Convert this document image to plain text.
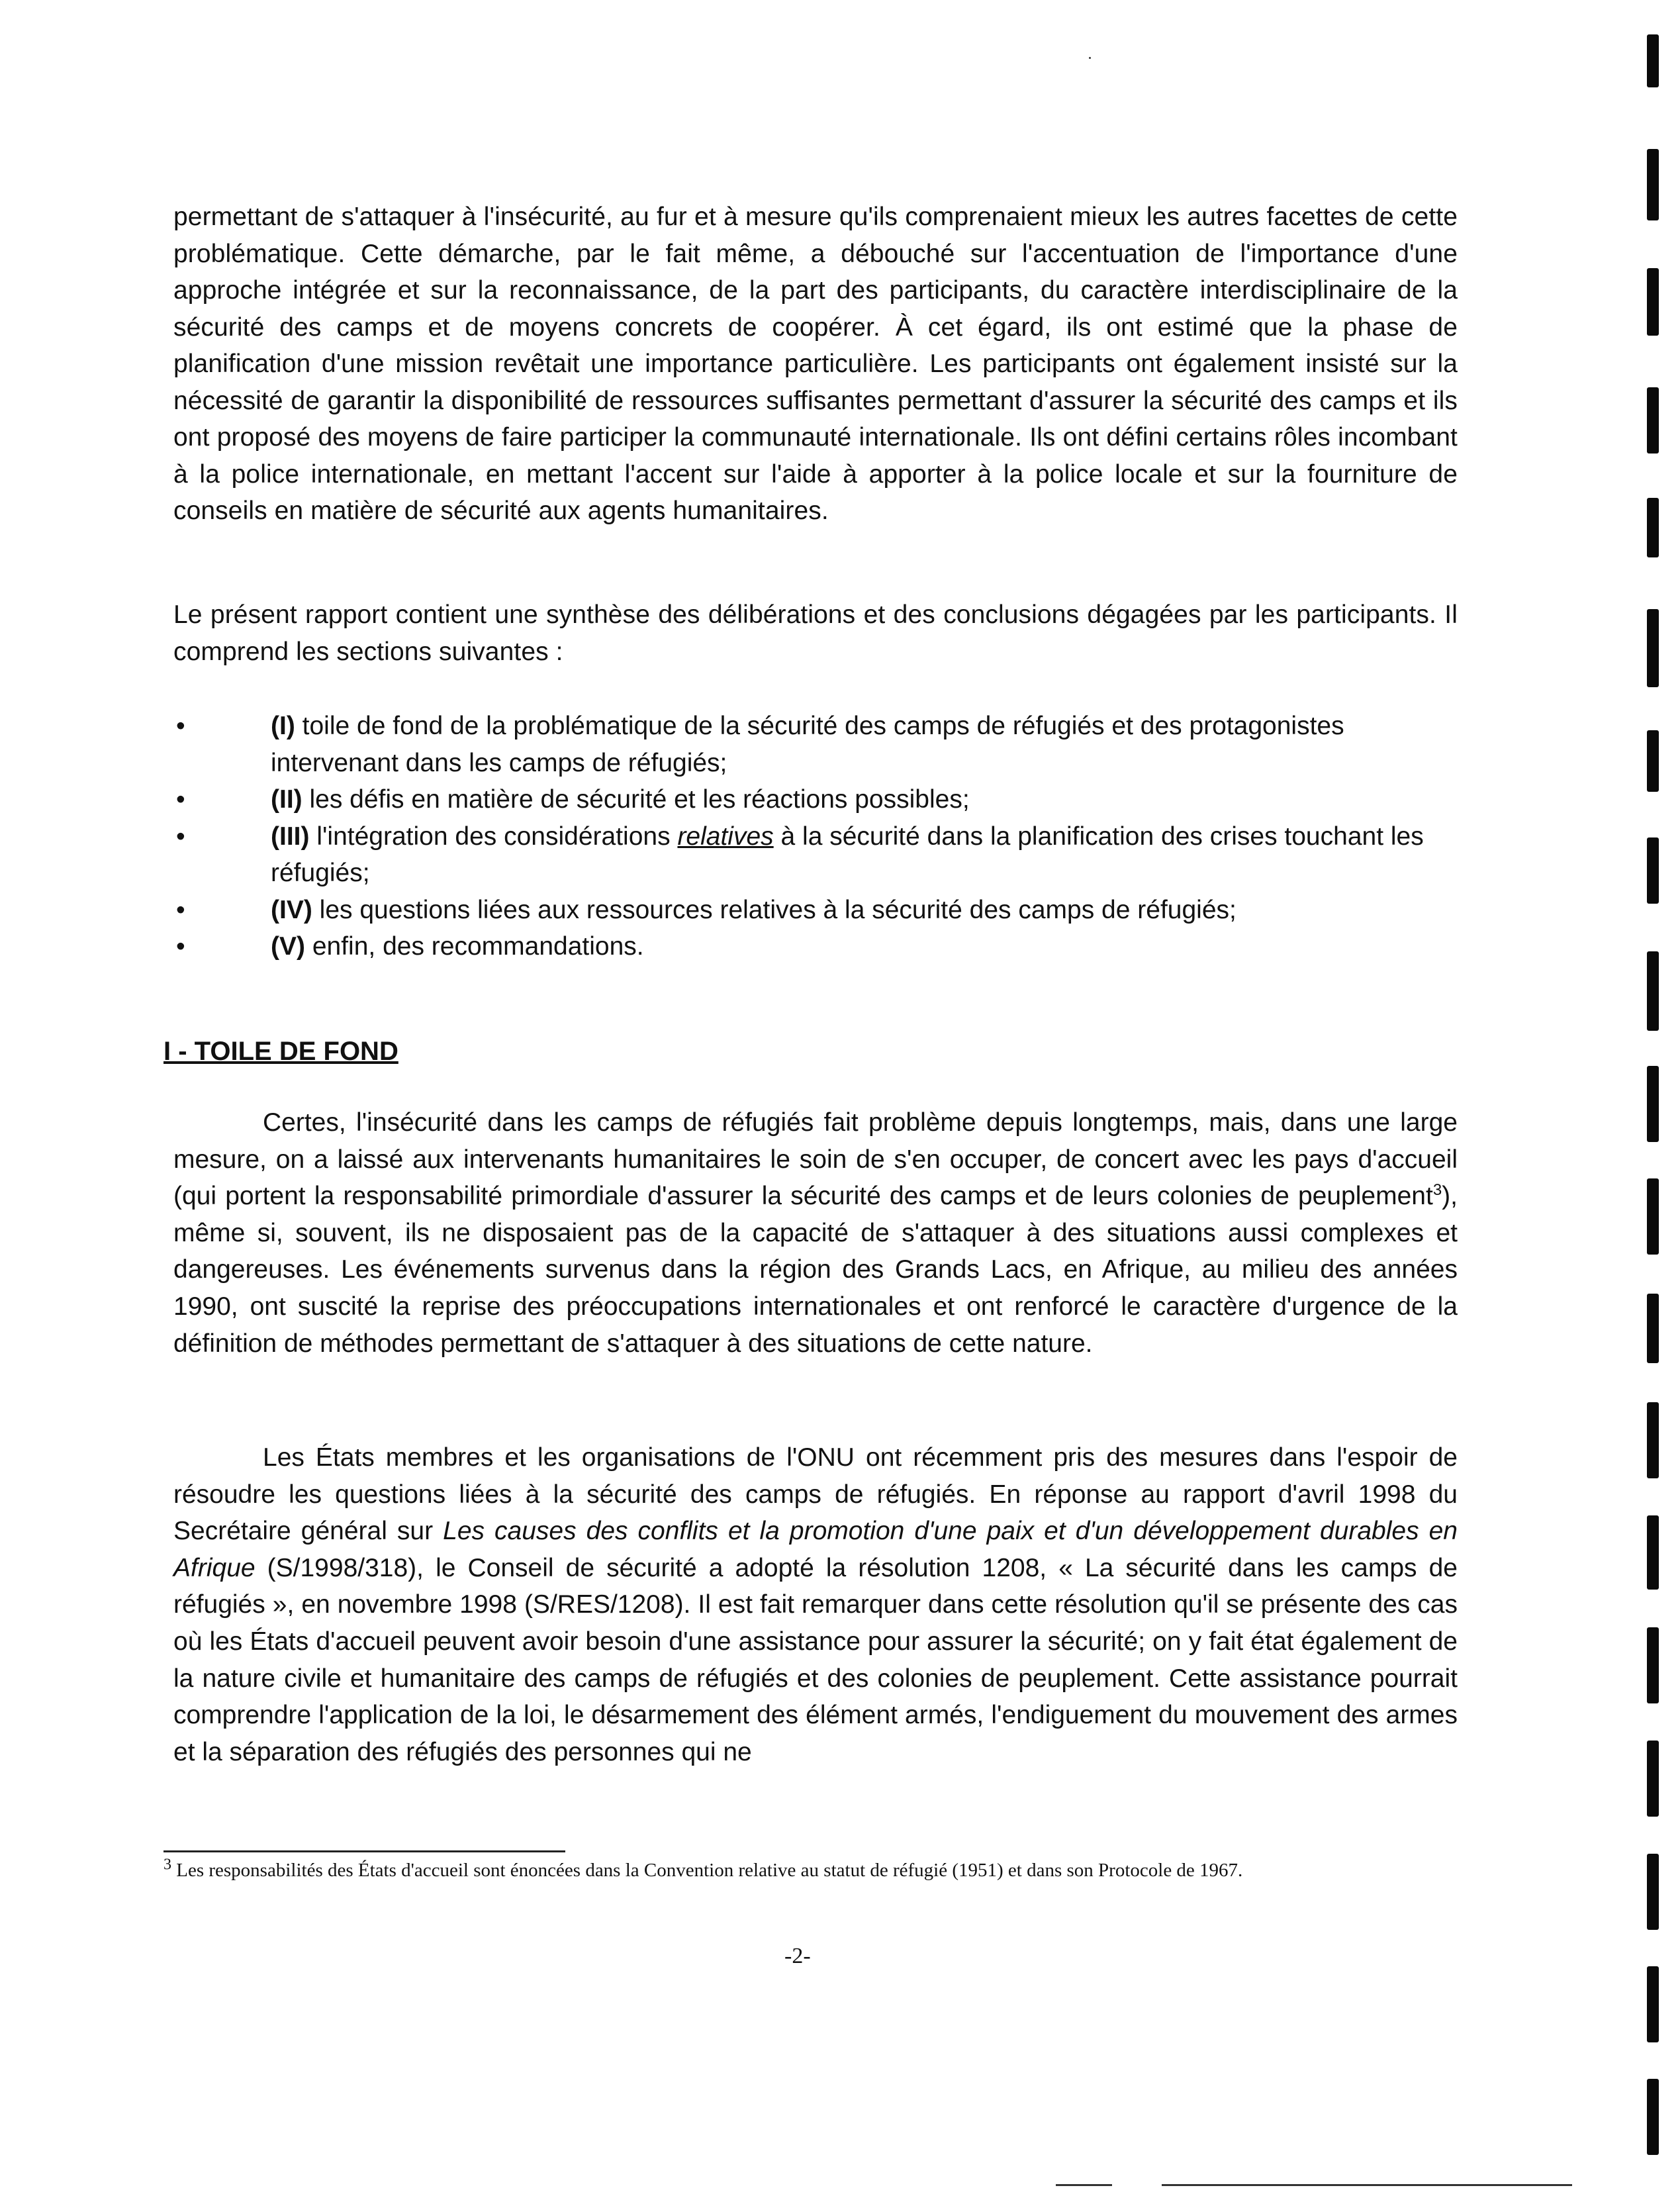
permettant de s'attaquer à l'insécurité, au fur et à mesure qu'ils comprenaient mieux les autres facettes de cette problématique. Cette démarche, par le fait même, a débouché sur l'accentuation de l'importance d'une approche intégrée et sur la reconnaissance, de la part des participants, du caractère interdisciplinaire de la sécurité des camps et de moyens concrets de coopérer. À cet égard, ils ont estimé que la phase de planification d'une mission revêtait une importance particulière. Les participants ont également insisté sur la nécessité de garantir la disponibilité de ressources suffisantes permettant d'assurer la sécurité des camps et ils ont proposé des moyens de faire participer la communauté internationale. Ils ont défini certains rôles incombant à la police internationale, en mettant l'accent sur l'aide à apporter à la police locale et sur la fourniture de conseils en matière de sécurité aux agents humanitaires.

Le présent rapport contient une synthèse des délibérations et des conclusions dégagées par les participants. Il comprend les sections suivantes :

•	(I) toile de fond de la problématique de la sécurité des camps de réfugiés et des protagonistes intervenant dans les camps de réfugiés;
•	(II) les défis en matière de sécurité et les réactions possibles;
•	(III) l'intégration des considérations relatives à la sécurité dans la planification des crises touchant les réfugiés;
•	(IV) les questions liées aux ressources relatives à la sécurité des camps de réfugiés;
•	(V) enfin, des recommandations.
I - TOILE DE FOND

Certes, l'insécurité dans les camps de réfugiés fait problème depuis longtemps, mais, dans une large mesure, on a laissé aux intervenants humanitaires le soin de s'en occuper, de concert avec les pays d'accueil (qui portent la responsabilité primordiale d'assurer la sécurité des camps et de leurs colonies de peuplement$^3$), même si, souvent, ils ne disposaient pas de la capacité de s'attaquer à des situations aussi complexes et dangereuses. Les événements survenus dans la région des Grands Lacs, en Afrique, au milieu des années 1990, ont suscité la reprise des préoccupations internationales et ont renforcé le caractère d'urgence de la définition de méthodes permettant de s'attaquer à des situations de cette nature.

Les États membres et les organisations de l'ONU ont récemment pris des mesures dans l'espoir de résoudre les questions liées à la sécurité des camps de réfugiés. En réponse au rapport d'avril 1998 du Secrétaire général sur Les causes des conflits et la promotion d'une paix et d'un développement durables en Afrique (S/1998/318), le Conseil de sécurité a adopté la résolution 1208, « La sécurité dans les camps de réfugiés », en novembre 1998 (S/RES/1208). Il est fait remarquer dans cette résolution qu'il se présente des cas où les États d'accueil peuvent avoir besoin d'une assistance pour assurer la sécurité; on y fait état également de la nature civile et humanitaire des camps de réfugiés et des colonies de peuplement. Cette assistance pourrait comprendre l'application de la loi, le désarmement des élément armés, l'endiguement du mouvement des armes et la séparation des réfugiés des personnes qui ne

$^3$ Les responsabilités des États d'accueil sont énoncées dans la Convention relative au statut de réfugié (1951) et dans son Protocole de 1967.

-2-
